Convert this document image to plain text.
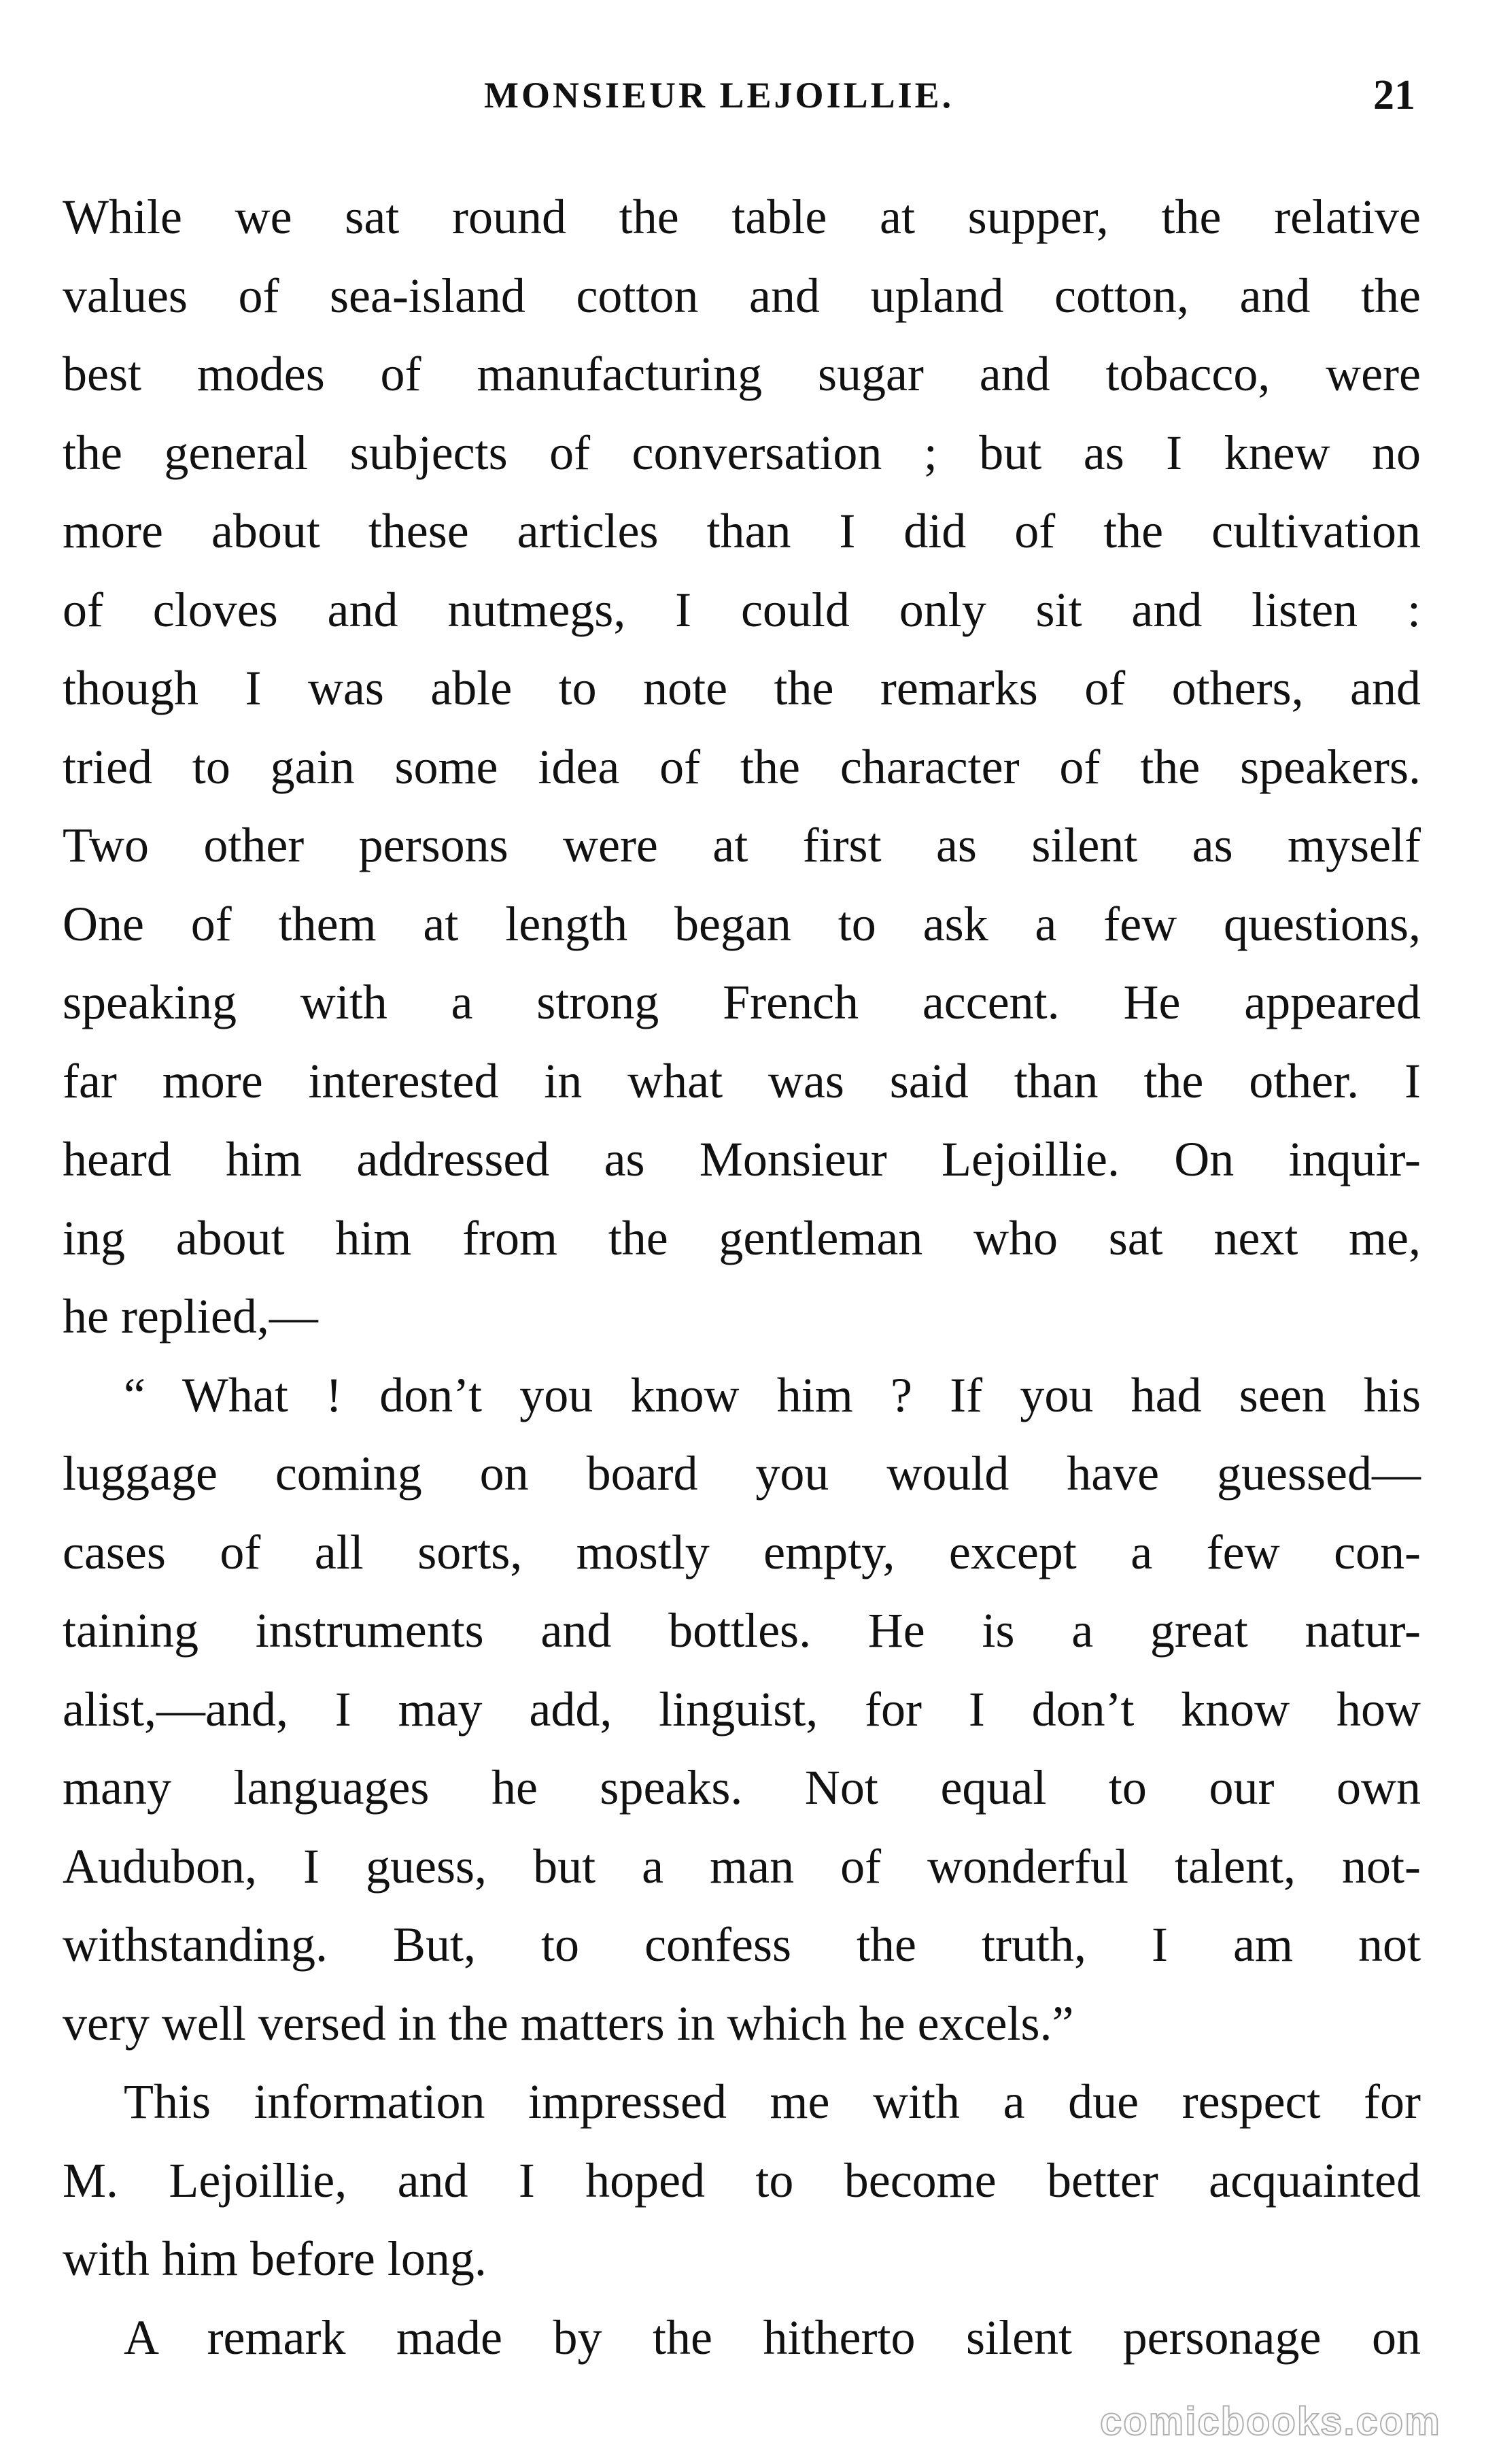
MONSIEUR LEJOILLIE.	21
While we sat round the table at supper, the relative
values of sea-island cotton and upland cotton, and the
best modes of manufacturing sugar and tobacco, were
the general subjects of conversation ; but as I knew no
more about these articles than I did of the cultivation
of cloves and nutmegs, I could only sit and listen :
though I was able to note the remarks of others, and
tried to gain some idea of the character of the speakers.
Two other persons were at first as silent as myself
One of them at length began to ask a few questions,
speaking with a strong French accent. He appeared
far more interested in what was said than the other. I
heard him addressed as Monsieur Lejoillie. On inquir-
ing about him from the gentleman who sat next me,
he replied,—
“ What ! don’t you know him ? If you had seen his
luggage coming on board you would have guessed—
cases of all sorts, mostly empty, except a few con-
taining instruments and bottles. He is a great natur-
alist,—and, I may add, linguist, for I don’t know how
many languages he speaks. Not equal to our own
Audubon, I guess, but a man of wonderful talent, not-
withstanding. But, to confess the truth, I am not
very well versed in the matters in which he excels.”
This information impressed me with a due respect for
M. Lejoillie, and I hoped to become better acquainted
with him before long.
A remark made by the hitherto silent personage on
comicbooks.com
